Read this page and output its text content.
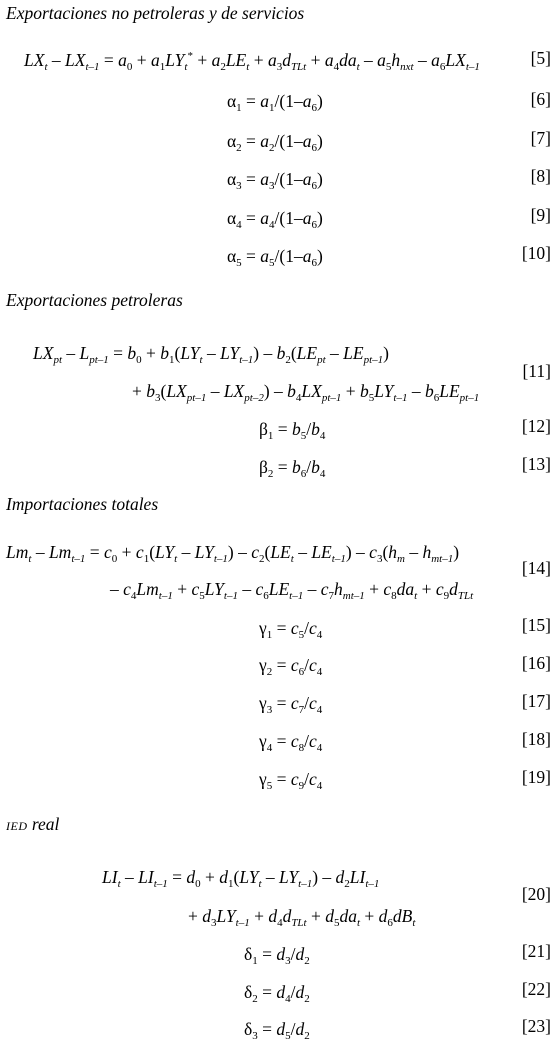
Exportaciones no petroleras y de servicios
$LX_t - LX_{t-1} = a_0 + a_1LY_t^* + a_2LE_t + a_3d_{TLt} + a_4da_t - a_5h_{nxt} - a_6LX_{t-1}$	[5]
$\alpha_1 = a_1/(1-a_6)$	[6]
$\alpha_2 = a_2/(1-a_6)$	[7]
$\alpha_3 = a_3/(1-a_6)$	[8]
$\alpha_4 = a_4/(1-a_6)$	[9]
$\alpha_5 = a_5/(1-a_6)$	[10]
Exportaciones petroleras
$LX_{pt} - L_{pt-1} = b_0 + b_1(LY_t - LY_{t-1}) - b_2(LE_{pt} - LE_{pt-1})$
+ $b_3(LX_{pt-1} - LX_{pt-2}) - b_4LX_{pt-1} + b_5LY_{t-1} - b_6LE_{pt-1}$
[11]
$\beta_1 = b_5/b_4$	[12]
$\beta_2 = b_6/b_4$	[13]
Importaciones totales
$Lm_t - Lm_{t-1} = c_0 + c_1(LY_t - LY_{t-1}) - c_2(LE_t - LE_{t-1}) - c_3(h_m - h_{mt-1})$
– $c_4Lm_{t-1} + c_5LY_{t-1} - c_6LE_{t-1} - c_7h_{mt-1} + c_8da_t + c_9d_{TLt}$
[14]
$\gamma_1 = c_5/c_4$	[15]
$\gamma_2 = c_6/c_4$	[16]
$\gamma_3 = c_7/c_4$	[17]
$\gamma_4 = c_8/c_4$	[18]
$\gamma_5 = c_9/c_4$	[19]
IED real
$LI_t - LI_{t-1} = d_0 + d_1(LY_t - LY_{t-1}) - d_2LI_{t-1}$
+ $d_3LY_{t-1} + d_4d_{TLt} + d_5da_t + d_6dB_t$
[20]
$\delta_1 = d_3/d_2$	[21]
$\delta_2 = d_4/d_2$	[22]
$\delta_3 = d_5/d_2$	[23]
